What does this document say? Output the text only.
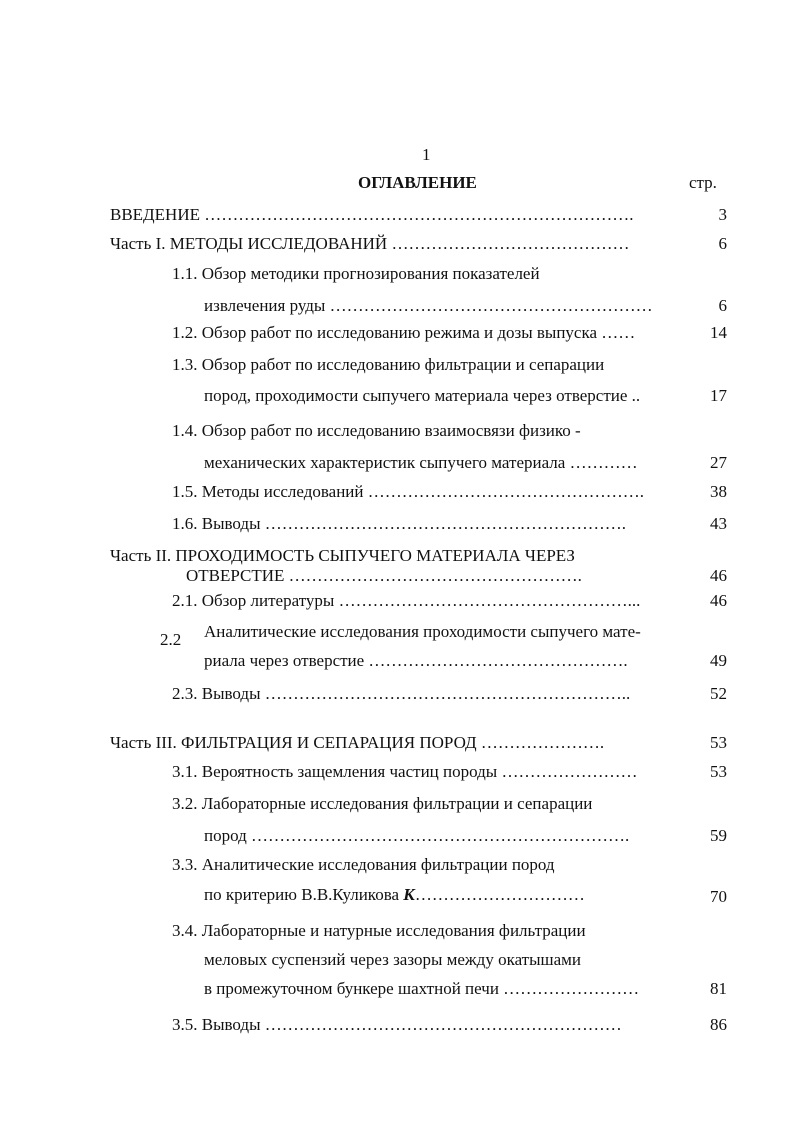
1
ОГЛАВЛЕНИЕ	стр.
ВВЕДЕНИЕ ………………………………………………………………….	3
Часть I. МЕТОДЫ ИССЛЕДОВАНИЙ ……………………………………	6
1.1. Обзор методики прогнозирования показателей
извлечения руды …………………………………………………	6
1.2. Обзор работ по исследованию режима и дозы выпуска ……	14
1.3. Обзор работ по исследованию фильтрации и сепарации
пород, проходимости сыпучего материала через отверстие ..	17
1.4. Обзор работ по исследованию взаимосвязи физико -
механических характеристик сыпучего материала …………	27
1.5. Методы исследований ………………………………………….	38
1.6. Выводы ……………………………………………………….	43
Часть II. ПРОХОДИМОСТЬ СЫПУЧЕГО МАТЕРИАЛА ЧЕРЕЗ
ОТВЕРСТИЕ …………………………………………….	46
2.1. Обзор литературы ……………………………………………...	46
2.2 Аналитические исследования проходимости сыпучего мате-
риала через отверстие ……………………………………….	49
2.3. Выводы ………………………………………………………..	52
Часть III. ФИЛЬТРАЦИЯ И СЕПАРАЦИЯ ПОРОД ………………….	53
3.1. Вероятность защемления частиц породы ……………………	53
3.2. Лабораторные исследования фильтрации и сепарации
пород ………………………………………………………….	59
3.3. Аналитические исследования фильтрации пород
по критерию В.В.Куликова К…………………………	70
3.4. Лабораторные и натурные исследования фильтрации
меловых суспензий через зазоры между окатышами
в промежуточном бункере шахтной печи ……………………	81
3.5. Выводы ………………………………………………………	86
